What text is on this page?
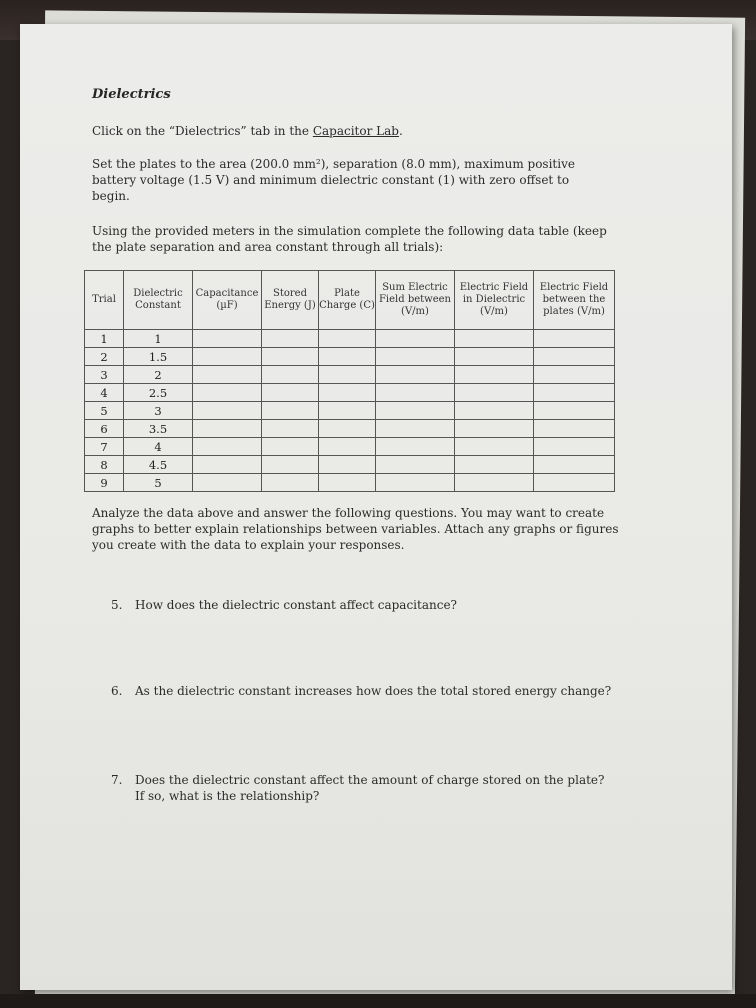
Dielectrics
Click on the “Dielectrics” tab in the Capacitor Lab.
Set the plates to the area (200.0 mm²), separation (8.0 mm), maximum positive battery voltage (1.5 V) and minimum dielectric constant (1) with zero offset to begin.
Using the provided meters in the simulation complete the following data table (keep the plate separation and area constant through all trials):
Trial	Dielectric Constant	Capacitance (µF)	Stored Energy (J)	Plate Charge (C)	Sum Electric Field between (V/m)	Electric Field in Dielectric (V/m)	Electric Field between the plates (V/m)
1	1						
2	1.5						
3	2						
4	2.5						
5	3						
6	3.5						
7	4						
8	4.5						
9	5						
Analyze the data above and answer the following questions. You may want to create graphs to better explain relationships between variables. Attach any graphs or figures you create with the data to explain your responses.
5. How does the dielectric constant affect capacitance?
6. As the dielectric constant increases how does the total stored energy change?
7. Does the dielectric constant affect the amount of charge stored on the plate?
If so, what is the relationship?
